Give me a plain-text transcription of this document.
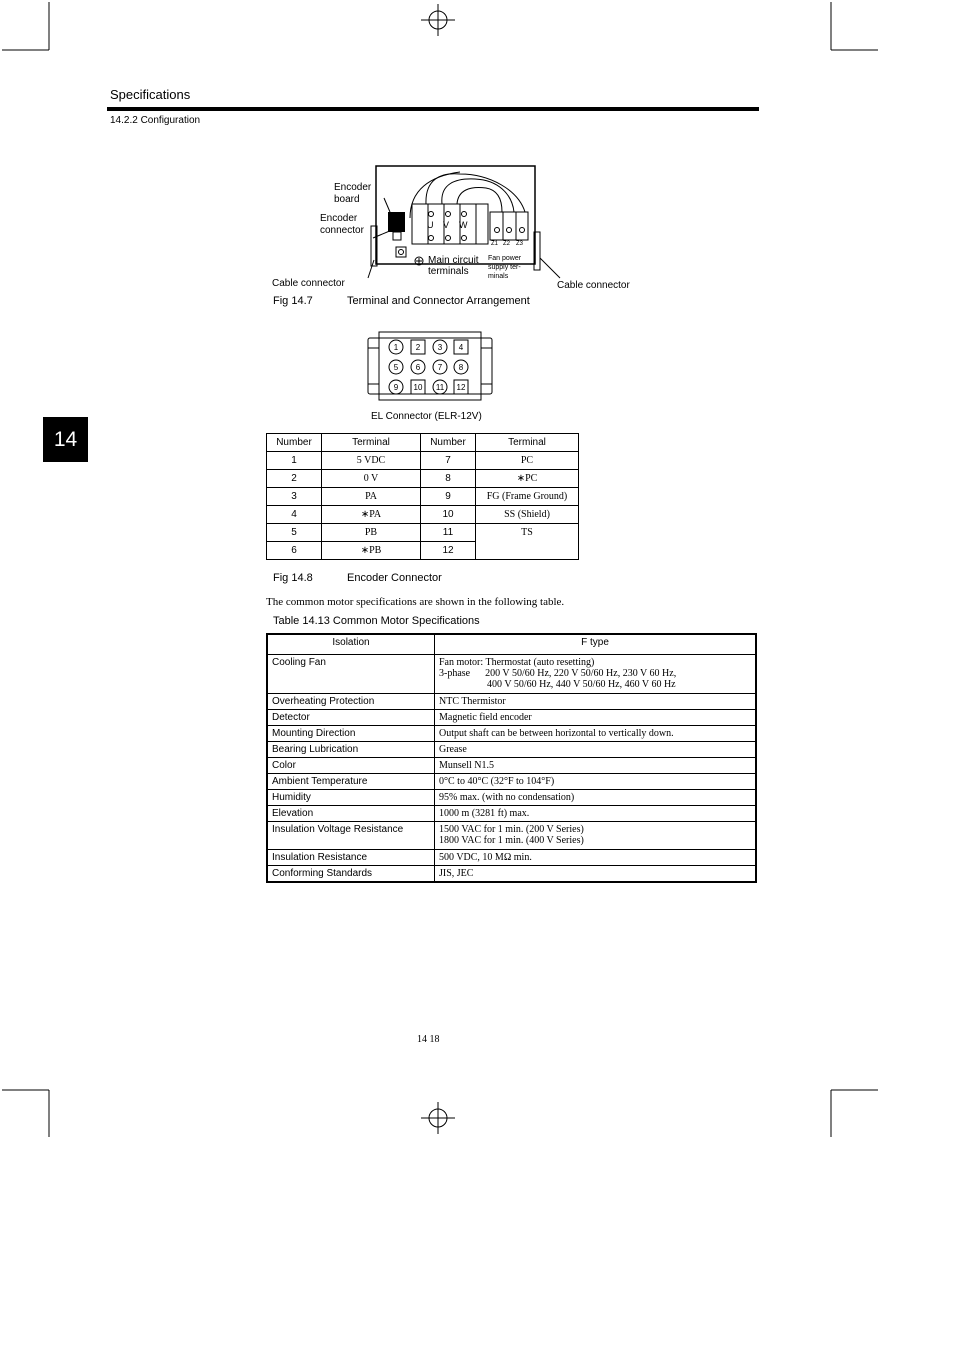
Specifications
14.2.2 Configuration
14
Encoder
board
Encoder
connector
Cable connector	Cable connector
U V W
Z1 Z2 Z3
Main circuit
terminals
Fan power
supply ter-
minals
Fig 14.7	Terminal and Connector Arrangement
1 2 3 4
5 6 7 8
9 10 11 12
EL Connector (ELR-12V)
Number	Terminal	Number	Terminal
1	5 VDC	7	PC
2	0 V	8	∗PC
3	PA	9	FG (Frame Ground)
4	∗PA	10	SS (Shield)
5	PB	11	TS
6	∗PB	12	
Fig 14.8	Encoder Connector
The common motor specifications are shown in the following table.
Table 14.13 Common Motor Specifications
Isolation	F type
Cooling Fan	Fan motor: Thermostat (auto resetting)
3-phase      200 V 50/60 Hz, 220 V 50/60 Hz, 230 V 60 Hz,
400 V 50/60 Hz, 440 V 50/60 Hz, 460 V 60 Hz

Overheating Protection	NTC Thermistor

Detector	Magnetic field encoder

Mounting Direction	Output shaft can be between horizontal to vertically down.

Bearing Lubrication	Grease

Color	Munsell N1.5

Ambient Temperature	0°C to 40°C (32°F to 104°F)

Humidity	95% max. (with no condensation)

Elevation	1000 m (3281 ft) max.

Insulation Voltage Resistance	1500 VAC for 1 min. (200 V Series)
1800 VAC for 1 min. (400 V Series)

Insulation Resistance	500 VDC, 10 MΩ min.

Conforming Standards	JIS, JEC
14 18
